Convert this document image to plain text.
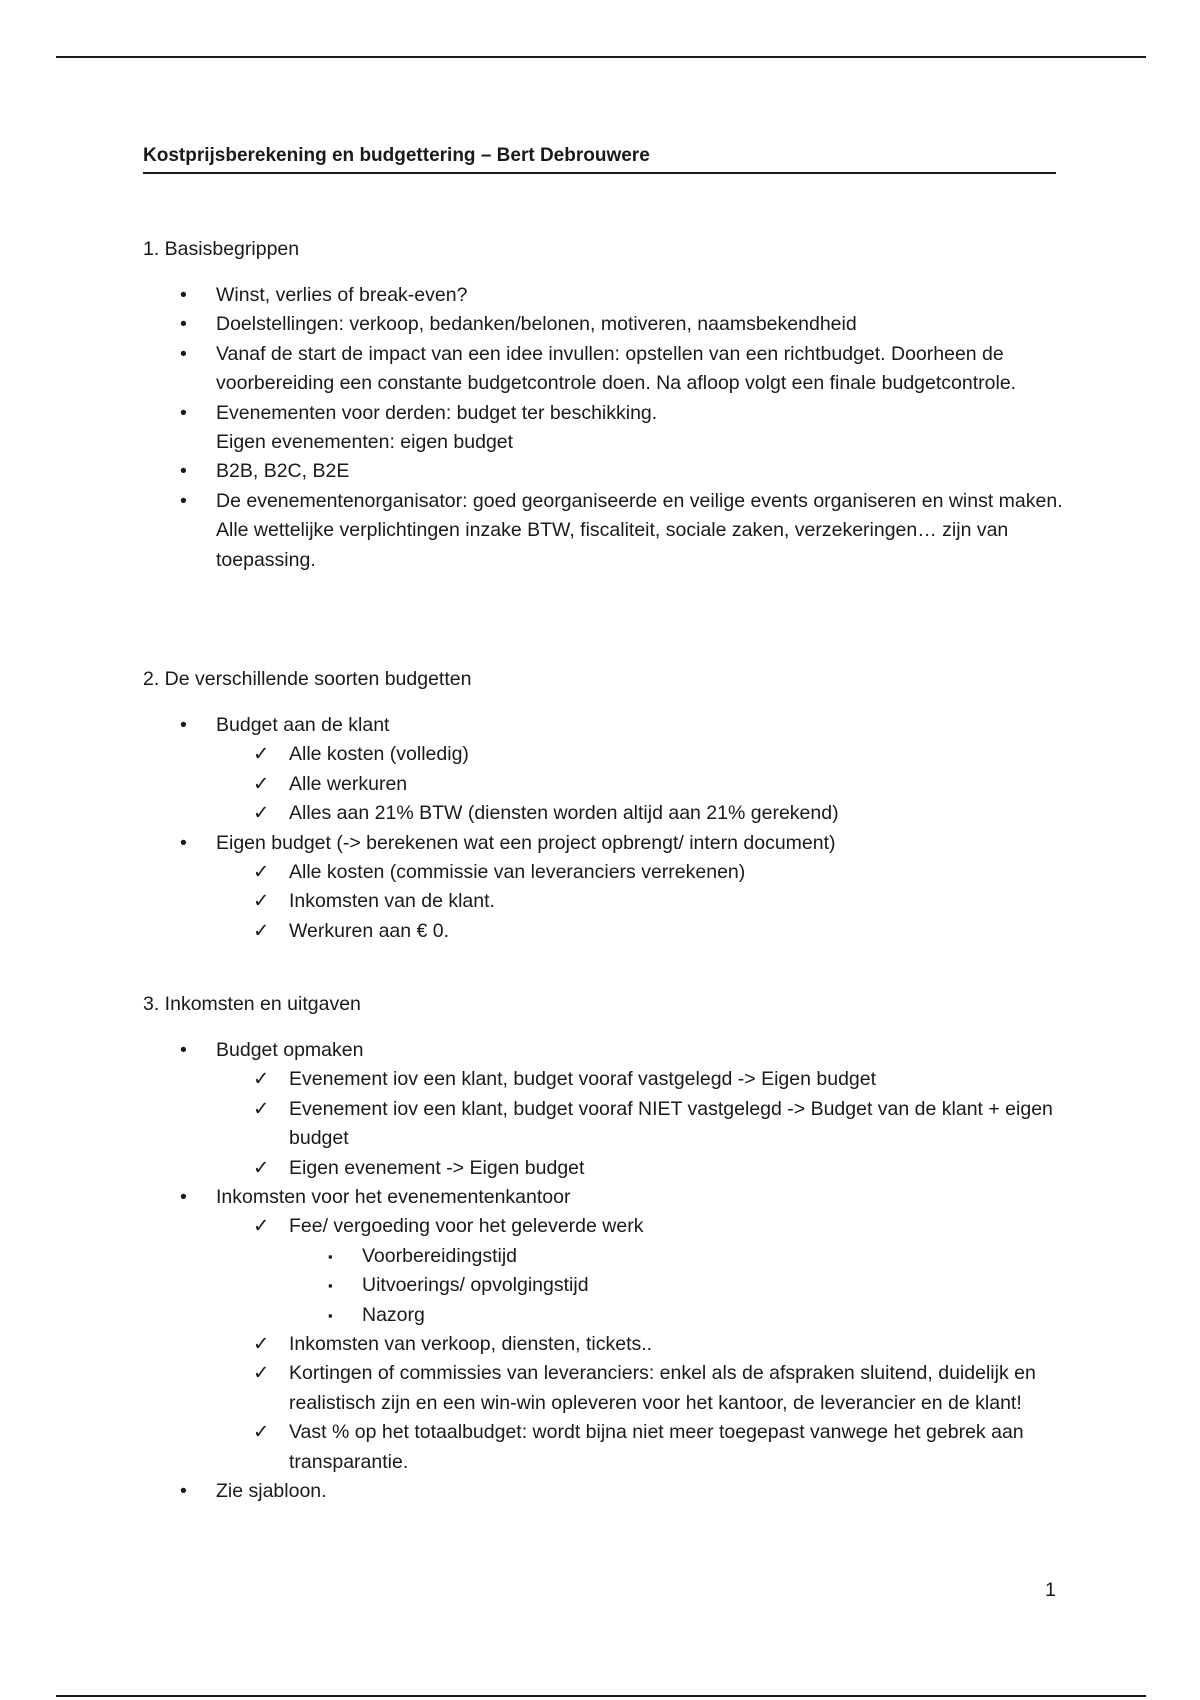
Kostprijsberekening en budgettering – Bert Debrouwere
1. Basisbegrippen
• Winst, verlies of break-even?
• Doelstellingen: verkoop, bedanken/belonen, motiveren, naamsbekendheid
• Vanaf de start de impact van een idee invullen: opstellen van een richtbudget. Doorheen de voorbereiding een constante budgetcontrole doen. Na afloop volgt een finale budgetcontrole.
• Evenementen voor derden: budget ter beschikking.
Eigen evenementen: eigen budget
• B2B, B2C, B2E
• De evenementenorganisator: goed georganiseerde en veilige events organiseren en winst maken. Alle wettelijke verplichtingen inzake BTW, fiscaliteit, sociale zaken, verzekeringen… zijn van toepassing.
2. De verschillende soorten budgetten
• Budget aan de klant
✓ Alle kosten (volledig)
✓ Alle werkuren
✓ Alles aan 21% BTW (diensten worden altijd aan 21% gerekend)
• Eigen budget (-> berekenen wat een project opbrengt/ intern document)
✓ Alle kosten (commissie van leveranciers verrekenen)
✓ Inkomsten van de klant.
✓ Werkuren aan € 0.
3. Inkomsten en uitgaven
• Budget opmaken
✓ Evenement iov een klant, budget vooraf vastgelegd -> Eigen budget
✓ Evenement iov een klant, budget vooraf NIET vastgelegd -> Budget van de klant + eigen budget
✓ Eigen evenement -> Eigen budget
• Inkomsten voor het evenementenkantoor
✓ Fee/ vergoeding voor het geleverde werk
▪ Voorbereidingstijd
▪ Uitvoerings/ opvolgingstijd
▪ Nazorg
✓ Inkomsten van verkoop, diensten, tickets..
✓ Kortingen of commissies van leveranciers: enkel als de afspraken sluitend, duidelijk en realistisch zijn en een win-win opleveren voor het kantoor, de leverancier en de klant!
✓ Vast % op het totaalbudget: wordt bijna niet meer toegepast vanwege het gebrek aan transparantie.
• Zie sjabloon.
1
